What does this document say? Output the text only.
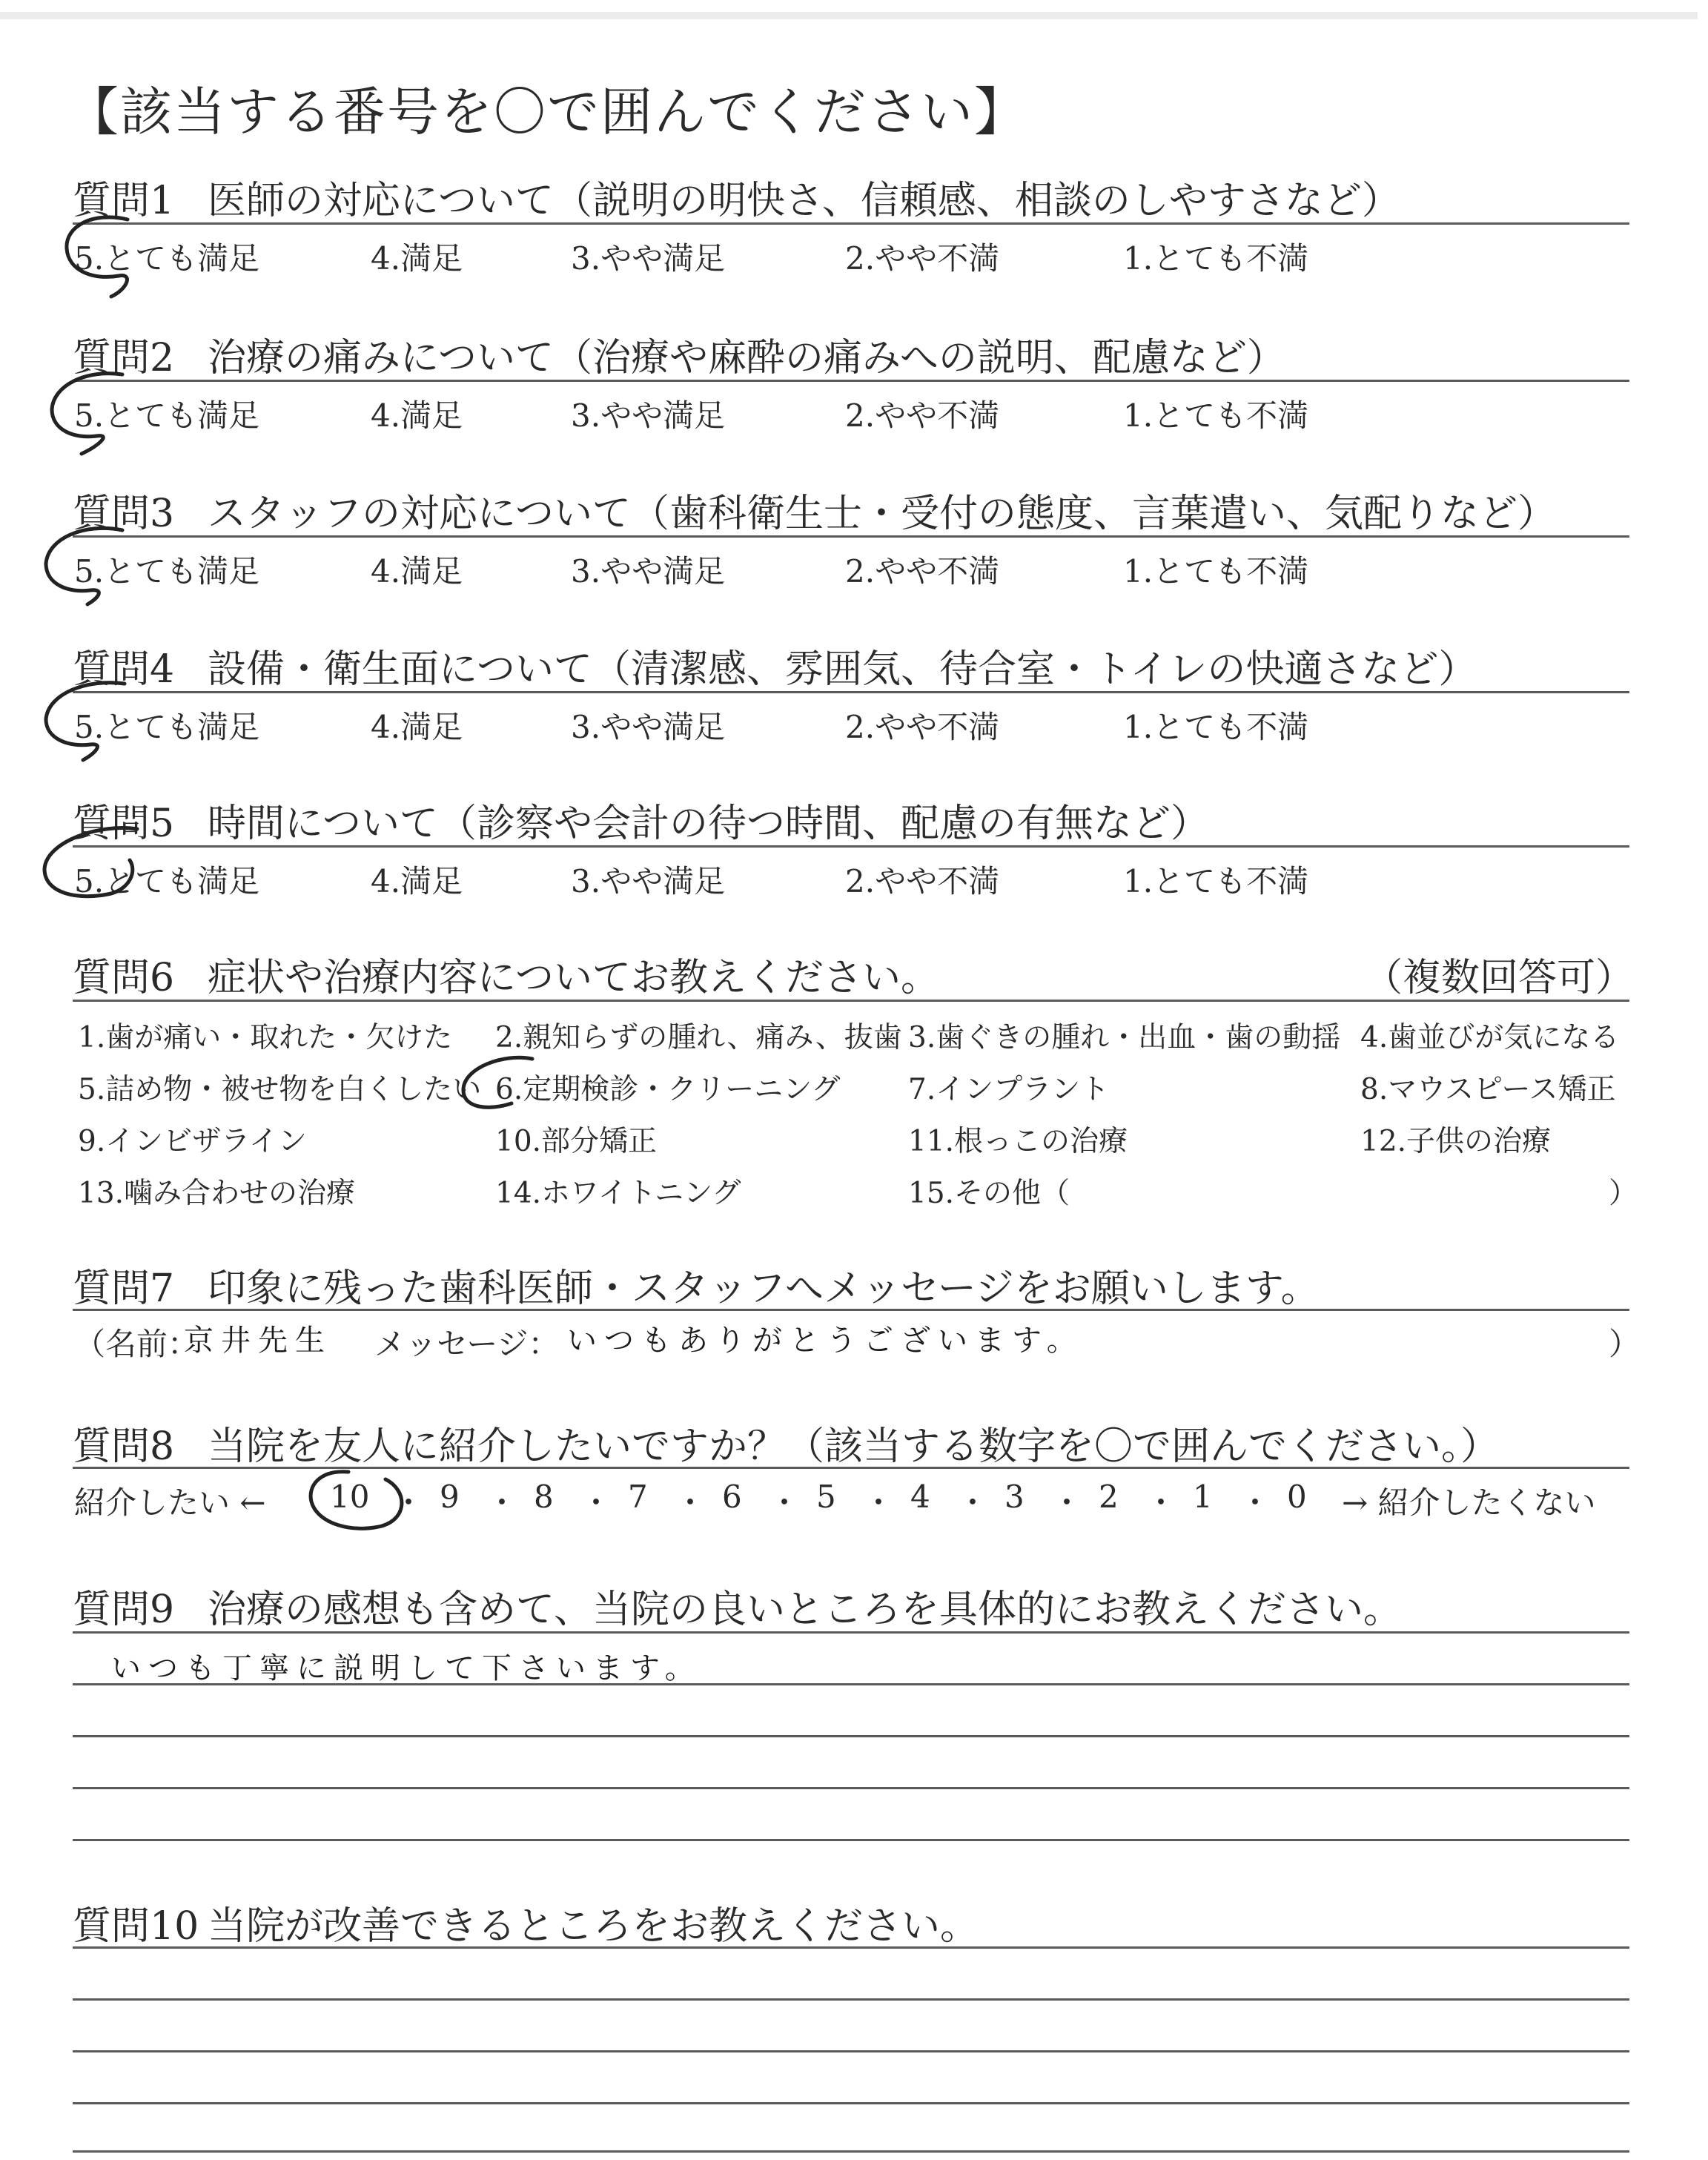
【該当する番号を〇で囲んでください】
質問1 医師の対応について（説明の明快さ、信頼感、相談のしやすさなど）
5.とても満足	4.満足	3.やや満足	2.やや不満	1.とても不満
質問2 治療の痛みについて（治療や麻酔の痛みへの説明、配慮など）
5.とても満足	4.満足	3.やや満足	2.やや不満	1.とても不満
質問3 スタッフの対応について（歯科衛生士・受付の態度、言葉遣い、気配りなど）
5.とても満足	4.満足	3.やや満足	2.やや不満	1.とても不満
質問4 設備・衛生面について（清潔感、雰囲気、待合室・トイレの快適さなど）
5.とても満足	4.満足	3.やや満足	2.やや不満	1.とても不満
質問5 時間について（診察や会計の待つ時間、配慮の有無など）
5.とても満足	4.満足	3.やや満足	2.やや不満	1.とても不満
質問6 症状や治療内容についてお教えください。	（複数回答可）
1.歯が痛い・取れた・欠けた 2.親知らずの腫れ、痛み、抜歯 3.歯ぐきの腫れ・出血・歯の動揺 4.歯並びが気になる
5.詰め物・被せ物を白くしたい 6.定期検診・クリーニング 7.インプラント	8.マウスピース矯正
9.インビザライン	10.部分矯正	11.根っこの治療	12.子供の治療
13.噛み合わせの治療	14.ホワイトニング	15.その他（	）
質問7 印象に残った歯科医師・スタッフへメッセージをお願いします。
（名前：
京井先生 メッセージ： いつもありがとうございます。	）
質問8 当院を友人に紹介したいですか？（該当する数字を〇で囲んでください。）
紹介したい ← 10 ・ 9 ・ 8 ・ 7 ・ 6 ・ 5 ・ 4 ・ 3 ・ 2 ・ 1 ・ 0 → 紹介したくない
質問9 治療の感想も含めて、当院の良いところを具体的にお教えください。
いつも丁寧に説明して下さいます。
質問10 当院が改善できるところをお教えください。
